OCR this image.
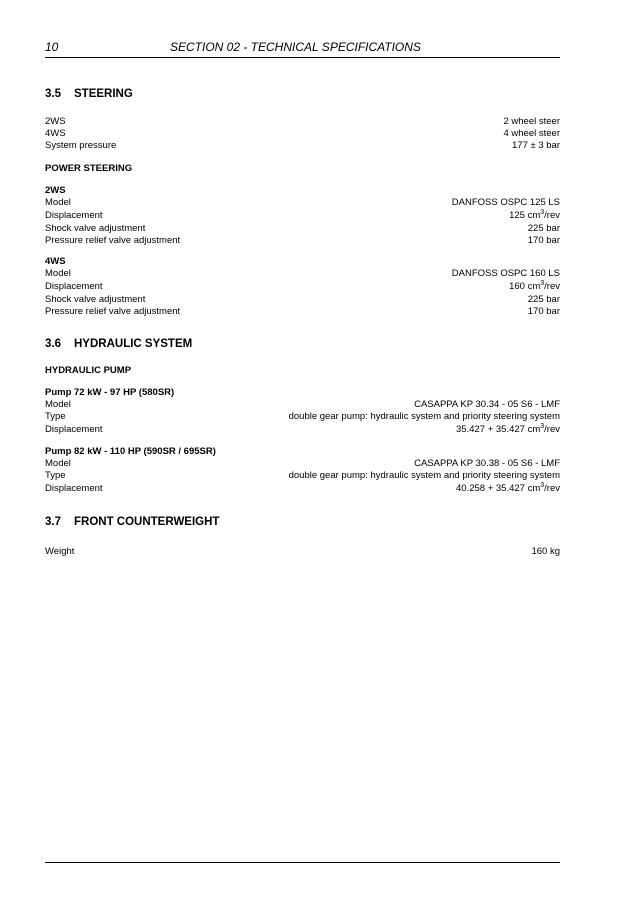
10	SECTION 02 - TECHNICAL SPECIFICATIONS
3.5 STEERING
2WS	2 wheel steer
4WS	4 wheel steer
System pressure	177 ± 3 bar
POWER STEERING
2WS
Model	DANFOSS OSPC 125 LS
Displacement	125 $cm^3$/rev
Shock valve adjustment	225 bar
Pressure relief valve adjustment	170 bar
4WS
Model	DANFOSS OSPC 160 LS
Displacement	160 $cm^3$/rev
Shock valve adjustment	225 bar
Pressure relief valve adjustment	170 bar
3.6 HYDRAULIC SYSTEM
HYDRAULIC PUMP
Pump 72 kW - 97 HP (580SR)
Model	CASAPPA KP 30.34 - 05 S6 - LMF
Type	double gear pump: hydraulic system and priority steering system
Displacement	35.427 + 35.427 $cm^3$/rev
Pump 82 kW - 110 HP (590SR / 695SR)
Model	CASAPPA KP 30.38 - 05 S6 - LMF
Type	double gear pump: hydraulic system and priority steering system
Displacement	40.258 + 35.427 $cm^3$/rev
3.7 FRONT COUNTERWEIGHT
Weight	160 kg
